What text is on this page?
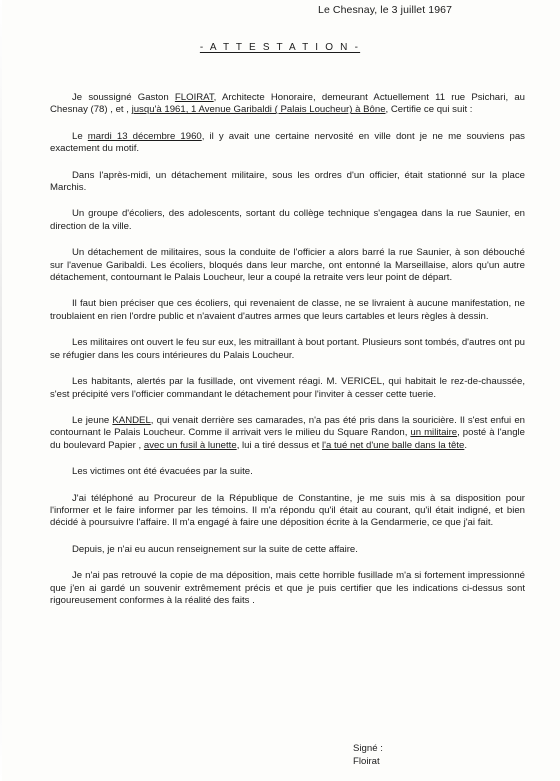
Le Chesnay, le 3 juillet 1967
- A T T E S T A T I O N -

Je soussigné Gaston FLOIRAT, Architecte Honoraire, demeurant Actuellement 11 rue Psichari, au Chesnay (78) , et , jusqu'à 1961, 1 Avenue Garibaldi ( Palais Loucheur) à Bône, Certifie ce qui suit :

Le mardi 13 décembre 1960, il y avait une certaine nervosité en ville dont je ne me souviens pas exactement du motif.

Dans l'après-midi, un détachement militaire, sous les ordres d'un officier, était stationné sur la place Marchis.

Un groupe d'écoliers, des adolescents, sortant du collège technique s'engagea dans la rue Saunier, en direction de la ville.

Un détachement de militaires, sous la conduite de l'officier a alors barré la rue Saunier, à son débouché sur l'avenue Garibaldi. Les écoliers, bloqués dans leur marche, ont entonné la Marseillaise, alors qu'un autre détachement, contournant le Palais Loucheur, leur a coupé la retraite vers leur point de départ.

Il faut bien préciser que ces écoliers, qui revenaient de classe, ne se livraient à aucune manifestation, ne troublaient en rien l'ordre public et n'avaient d'autres armes que leurs cartables et leurs règles à dessin.

Les militaires ont ouvert le feu sur eux, les mitraillant à bout portant. Plusieurs sont tombés, d'autres ont pu se réfugier dans les cours intérieures du Palais Loucheur.

Les habitants, alertés par la fusillade, ont vivement réagi. M. VERICEL, qui habitait le rez-de-chaussée, s'est précipité vers l'officier commandant le détachement pour l'inviter à cesser cette tuerie.

Le jeune KANDEL, qui venait derrière ses camarades, n'a pas été pris dans la souricière. Il s'est enfui en contournant le Palais Loucheur. Comme il arrivait vers le milieu du Square Randon, un militaire, posté à l'angle du boulevard Papier , avec un fusil à lunette, lui a tiré dessus et l'a tué net d'une balle dans la tête.

Les victimes ont été évacuées par la suite.

J'ai téléphoné au Procureur de la République de Constantine, je me suis mis à sa disposition pour l'informer et le faire informer par les témoins. Il m'a répondu qu'il était au courant, qu'il était indigné, et bien décidé à poursuivre l'affaire. Il m'a engagé à faire une déposition écrite à la Gendarmerie, ce que j'ai fait.

Depuis, je n'ai eu aucun renseignement sur la suite de cette affaire.

Je n'ai pas retrouvé la copie de ma déposition, mais cette horrible fusillade m'a si fortement impressionné que j'en ai gardé un souvenir extrêmement précis et que je puis certifier que les indications ci-dessus sont rigoureusement conformes à la réalité des faits .

Signé :
Floirat
